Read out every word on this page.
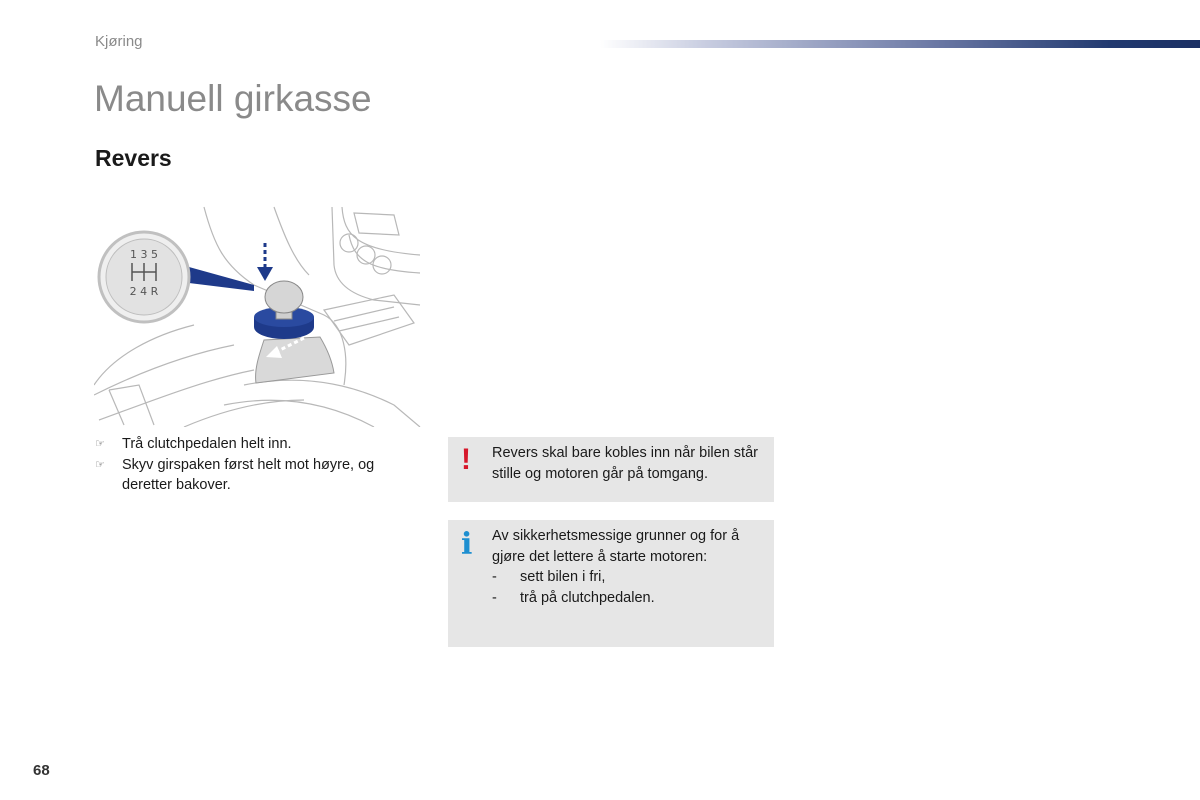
Kjøring
Manuell girkasse
Revers
1 3 5
2 4 R
☞ Trå clutchpedalen helt inn.
☞ Skyv girspaken først helt mot høyre, og deretter bakover.
! Revers skal bare kobles inn når bilen står stille og motoren går på tomgang.

i Av sikkerhetsmessige grunner og for å gjøre det lettere å starte motoren:

- sett bilen i fri,
- trå på clutchpedalen.
68
